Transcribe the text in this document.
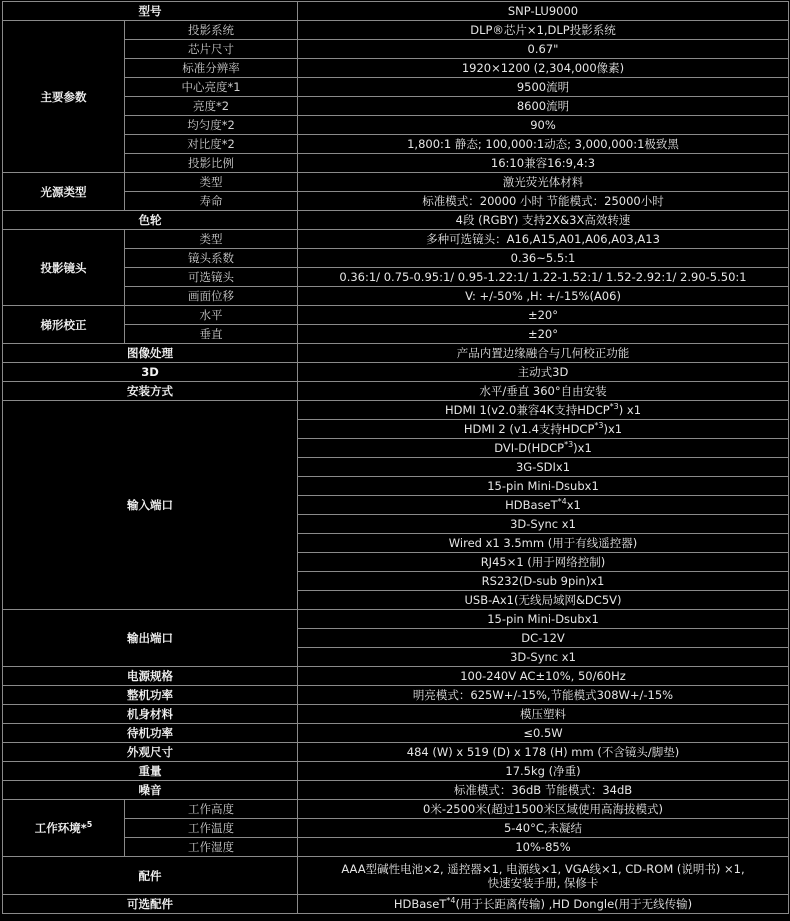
型号		SNP-LU9000
主要参数	投影系统	DLP®芯片×1,DLP投影系统
	芯片尺寸	0.67"
	标准分辨率	1920×1200 (2,304,000像素)
	中心亮度*1	9500流明
	亮度*2	8600流明
	均匀度*2	90%
	对比度*2	1,800:1 静态; 100,000:1动态; 3,000,000:1极致黑
	投影比例	16:10兼容16:9,4:3
光源类型	类型	激光荧光体材料
	寿命	标准模式：20000 小时 节能模式：25000小时
色轮		4段 (RGBY) 支持2X&3X高效转速
投影镜头	类型	多种可选镜头：A16,A15,A01,A06,A03,A13
	镜头系数	0.36~5.5:1
	可选镜头	0.36:1/ 0.75-0.95:1/ 0.95-1.22:1/ 1.22-1.52:1/ 1.52-2.92:1/ 2.90-5.50:1
	画面位移	V: +/-50% ,H: +/-15%(A06)
梯形校正	水平	±20°
	垂直	±20°
图像处理		产品内置边缘融合与几何校正功能
3D		主动式3D
安装方式		水平/垂直 360°自由安装
输入端口		HDMI 1(v2.0兼容4K支持HDCP$^{*3}$) x1
		HDMI 2 (v1.4支持HDCP$^{*3}$)x1
		DVI-D(HDCP$^{*3}$)x1
		3G-SDIx1
		15-pin Mini-Dsubx1
		HDBaseT$^{*4}$x1
		3D-Sync x1
		Wired x1 3.5mm (用于有线遥控器)
		RJ45×1 (用于网络控制)
		RS232(D-sub 9pin)x1
		USB-Ax1(无线局域网&DC5V)
输出端口		15-pin Mini-Dsubx1
		DC-12V
		3D-Sync x1
电源规格		100-240V AC±10%, 50/60Hz
整机功率		明亮模式：625W+/-15%,节能模式308W+/-15%
机身材料		模压塑料
待机功率		≤0.5W
外观尺寸		484 (W) x 519 (D) x 178 (H) mm (不含镜头/脚垫)
重量		17.5kg (净重)
噪音		标准模式：36dB 节能模式：34dB
工作环境*$^5$	工作高度	0米-2500米(超过1500米区域使用高海拔模式)
	工作温度	5-40°C,未凝结
	工作湿度	10%-85%
配件		AAA型碱性电池×2, 遥控器×1, 电源线×1, VGA线×1, CD-ROM (说明书) ×1,
快速安装手册, 保修卡
可选配件		HDBaseT$^{*4}$(用于长距离传输) ,HD Dongle(用于无线传输)
